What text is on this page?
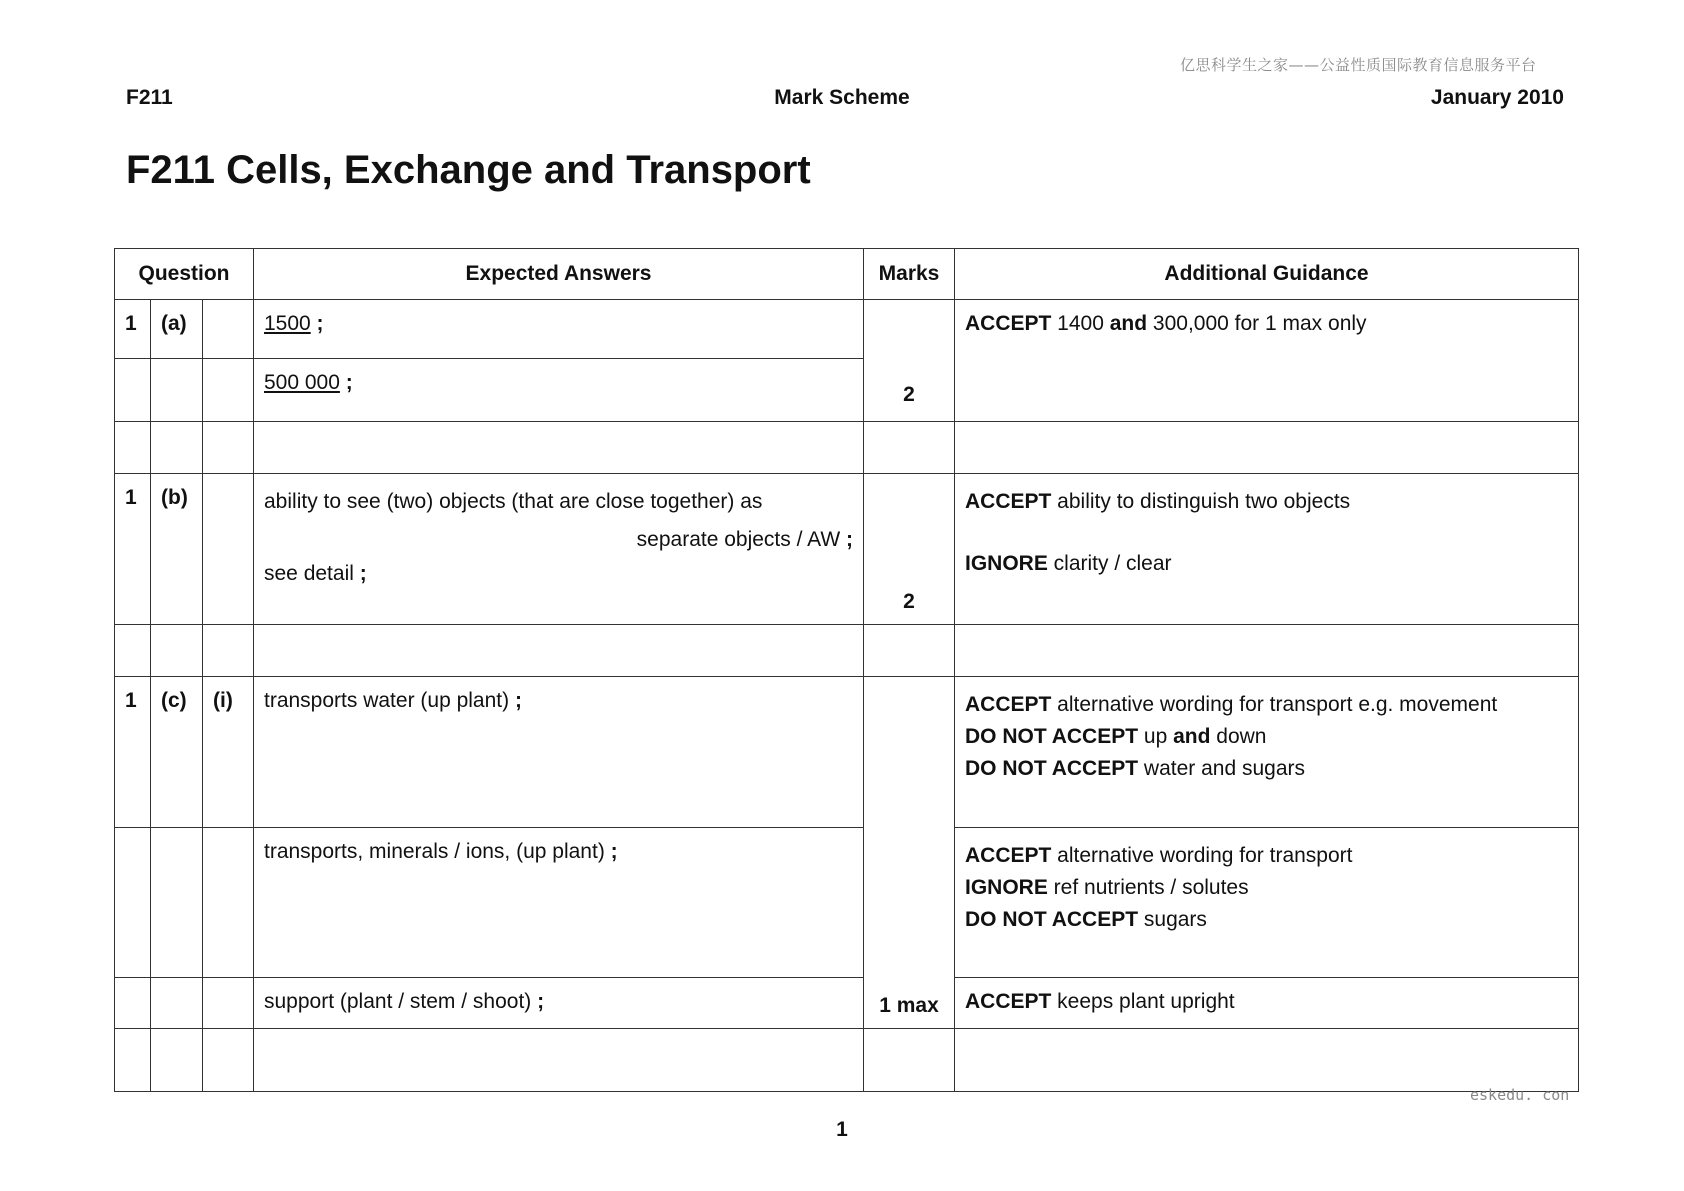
亿思科学生之家——公益性质国际教育信息服务平台
F211	Mark Scheme	January 2010
F211 Cells, Exchange and Transport
Question			Expected Answers	Marks	Additional Guidance
1	(a)		1500 ;	2	ACCEPT 1400 and 300,000 for 1 max only
			500 000 ;		

1	(b)		ability to see (two) objects (that are close together) as
separate objects / AW ;
see detail ;	2	ACCEPT ability to distinguish two objects
IGNORE clarity / clear

1	(c)	(i)	transports water (up plant) ;	1 max	ACCEPT alternative wording for transport e.g. movement
DO NOT ACCEPT up and down
DO NOT ACCEPT water and sugars

			transports, minerals / ions, (up plant) ;		ACCEPT alternative wording for transport
IGNORE ref nutrients / solutes
DO NOT ACCEPT sugars

			support (plant / stem / shoot) ;		ACCEPT keeps plant upright

eskedu. con
1
